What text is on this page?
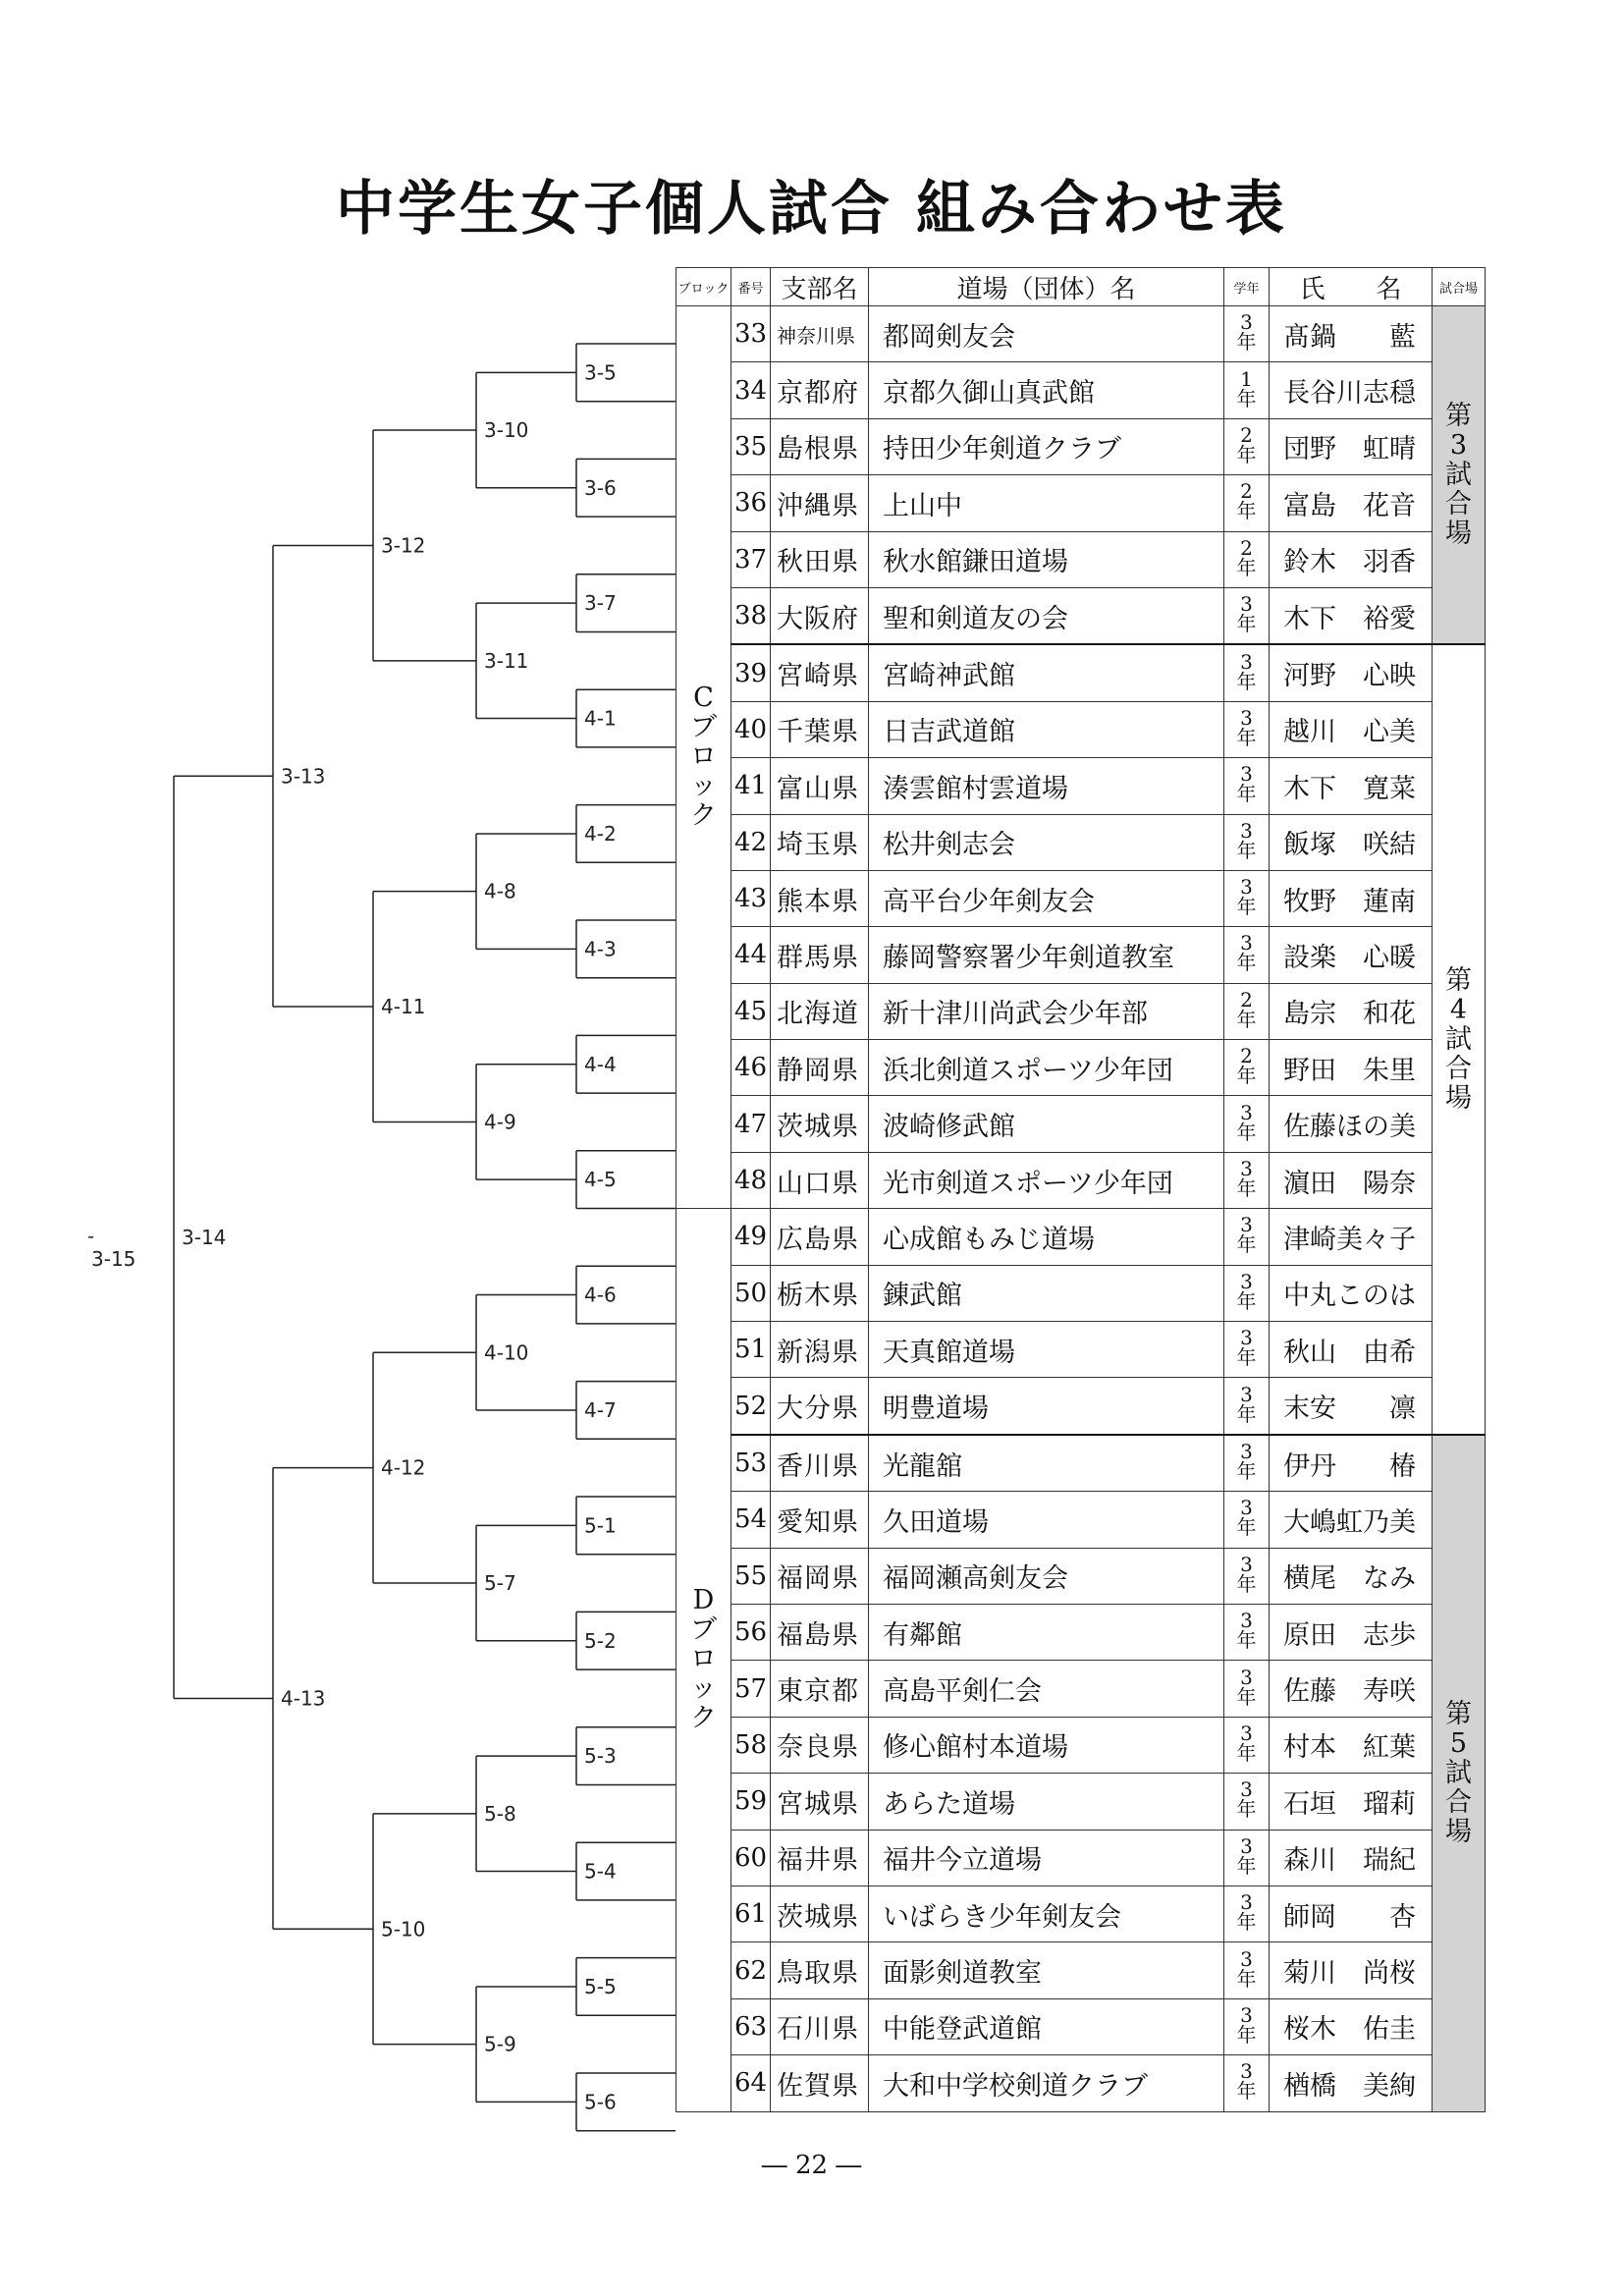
中学生女子個人試合 組み合わせ表
3-5
3-6
3-7
4-1
4-2
4-3
4-4
4-5
4-6
4-7
5-1
5-2
5-3
5-4
5-5
5-6
3-10
3-11
4-8
4-9
4-10
5-7
5-8
5-9
3-12
4-11
4-12
5-10
3-13
4-13
3-14
3-15
ブロック	番号	支部名	道場（団体）名	学年	氏　　名	試合場
Cブロック	33	神奈川県	都岡剣友会	3年	髙鍋　　藍	第3試合場
	34	京都府	京都久御山真武館	1年	長谷川志穏	
	35	島根県	持田少年剣道クラブ	2年	団野　虹晴	
	36	沖縄県	上山中	2年	富島　花音	
	37	秋田県	秋水館鎌田道場	2年	鈴木　羽香	
	38	大阪府	聖和剣道友の会	3年	木下　裕愛	
	39	宮崎県	宮崎神武館	3年	河野　心映	第4試合場
	40	千葉県	日吉武道館	3年	越川　心美	
	41	富山県	湊雲館村雲道場	3年	木下　寛菜	
	42	埼玉県	松井剣志会	3年	飯塚　咲結	
	43	熊本県	高平台少年剣友会	3年	牧野　蓮南	
	44	群馬県	藤岡警察署少年剣道教室	3年	設楽　心暖	
	45	北海道	新十津川尚武会少年部	2年	島宗　和花	
	46	静岡県	浜北剣道スポーツ少年団	2年	野田　朱里	
	47	茨城県	波崎修武館	3年	佐藤ほの美	
	48	山口県	光市剣道スポーツ少年団	3年	濵田　陽奈	
Dブロック	49	広島県	心成館もみじ道場	3年	津崎美々子	
	50	栃木県	錬武館	3年	中丸このは	
	51	新潟県	天真館道場	3年	秋山　由希	
	52	大分県	明豊道場	3年	末安　　凛	
	53	香川県	光龍舘	3年	伊丹　　椿	第5試合場
	54	愛知県	久田道場	3年	大嶋虹乃美	
	55	福岡県	福岡瀬高剣友会	3年	横尾　なみ	
	56	福島県	有鄰館	3年	原田　志歩	
	57	東京都	高島平剣仁会	3年	佐藤　寿咲	
	58	奈良県	修心館村本道場	3年	村本　紅葉	
	59	宮城県	あらた道場	3年	石垣　瑠莉	
	60	福井県	福井今立道場	3年	森川　瑞紀	
	61	茨城県	いばらき少年剣友会	3年	師岡　　杏	
	62	鳥取県	面影剣道教室	3年	菊川　尚桜	
	63	石川県	中能登武道館	3年	桜木　佑圭	
	64	佐賀県	大和中学校剣道クラブ	3年	楢橋　美絢	
― 22 ―
